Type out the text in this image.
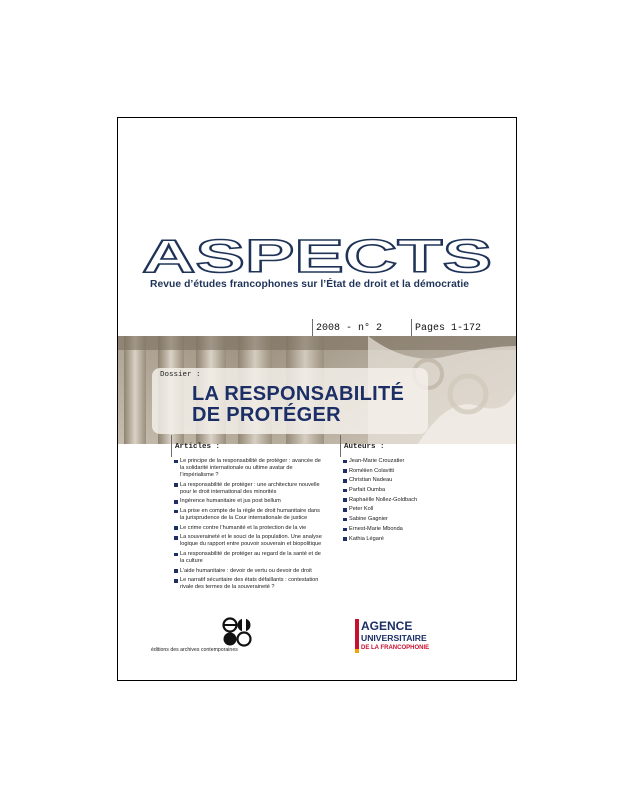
ASPECTS
Revue d’études francophones sur l’État de droit et la démocratie
2008 - n° 2	Pages 1-172
Dossier :
LA RESPONSABILITÉ
DE PROTÉGER
Articles :	Auteurs :
Le principe de la responsabilité de protéger : avancée de la solidarité internationale ou ultime avatar de l’impérialisme ?
La responsabilité de protéger : une architecture nouvelle pour le droit international des minorités
Ingérence humanitaire et jus post bellum
La prise en compte de la règle de droit humanitaire dans la jurisprudence de la Cour internationale de justice
Le crime contre l’humanité et la protection de la vie
La souveraineté et le souci de la population. Une analyse logique du rapport entre pouvoir souverain et biopolitique
La responsabilité de protéger au regard de la santé et de la culture
L’aide humanitaire : devoir de vertu ou devoir de droit
Le narratif sécuritaire des états défaillants : contestation rivale des termes de la souveraineté ?
Jean-Marie Crouzatier
Roméiien Colavitti
Christian Nadeau
Parfait Oumba
Raphaëlle Nollez-Goldbach
Peter Koll
Sabine Gagnier
Ernest-Marie Mbonda
Kathia Légaré
éditions des archives contemporaines
AGENCE
UNIVERSITAIRE
DE LA FRANCOPHONIE
